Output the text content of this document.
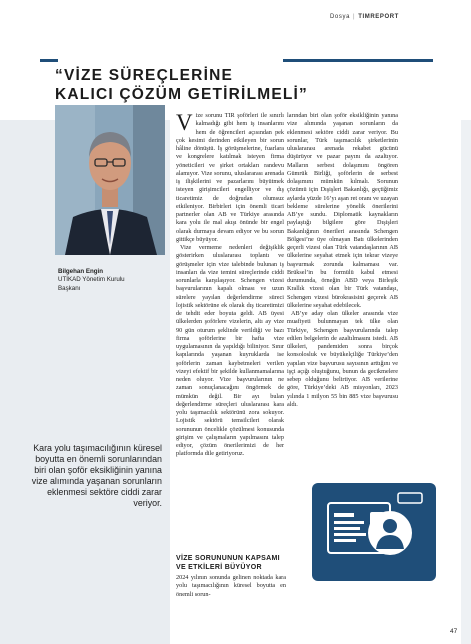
Dosya | TIMREPORT
“VİZE SÜREÇLERİNE
KALICI ÇÖZÜM GETİRİLMELİ”
Bilgehan Engin
UTİKAD Yönetim Kurulu
Başkanı
Kara yolu taşımacılığının küresel boyutta en önemli sorunlarından biri olan şoför eksikliğinin yanına vize alımında yaşanan sorunların eklenmesi sektöre ciddi zarar veriyor.

Vize sorunu TIR şoförleri ile sınırlı kalmadığı gibi hem iş insanlarını hem de öğrencileri açısından pek çok kesimi derinden etkileyen bir sorun hâline dönüştü. İş görüşmelerine, fuarlara ve kongrelere katılmak isteyen firma yöneticileri ve şirket ortakları randevu alamıyor. Vize sorunu, uluslararası arenada iş ilişkilerini ve pazarlarını büyütmek isteyen girişimcileri engelliyor ve dış ticaretimiz de doğrudan olumsuz etkileniyor. Birbirleri için önemli ticari partnerler olan AB ve Türkiye arasında kara yolu ile mal akışı önünde bir engel olarak durmaya devam ediyor ve bu sorun gittikçe büyüyor.

Vize vermeme nedenleri değişiklik gösterirken uluslararası toplantı ve görüşmeler için vize talebinde bulunan iş insanları da vize temini süreçlerinde ciddi sorunlarla karşılaşıyor. Schengen vizesi başvurularının kapalı olması ve uzun sürelere yayılan değerlendirme süreci lojistik sektörüne ek olarak dış ticaretimizi de tehdit eder boyuta geldi. AB üyesi ülkelerden şoförlere vizelerin, altı ay vize 90 gün oturum şeklinde verildiği ve bazı firma şoförlerine bir hafta vize uygulamasının da yapıldığı biliniyor. Sınır kapılarında yaşanan kuyruklarda ise şoförlerin zaman kaybetmeleri verilen vizeyi efektif bir şekilde kullanmamalarına neden oluyor. Vize başvurularının ne zaman sonuçlanacağını öngörmek de mümkün değil. Bir ayı bulan değerlendirme süreçleri uluslararası kara yolu taşımacılık sektörünü zora sokuyor. Lojistik sektörü temsilcileri olarak sorununun öncelikle çözülmesi konusunda girişim ve çalışmaların yapılmasını talep ediyor, çözüm önerilerimizi de her platformda dile getiriyoruz.

VİZE SORUNUNUN KAPSAMI VE ETKİLERİ BÜYÜYOR

2024 yılının sonunda gelinen noktada kara yolu taşımacılığının küresel boyutta en önemli sorun-

larından biri olan şoför eksikliğinin yanına vize alımında yaşanan sorunların da eklenmesi sektöre ciddi zarar veriyor. Bu sorunlar, Türk taşımacılık şirketlerinin uluslararası arenada rekabet gücünü düşürüyor ve pazar payını da azaltıyor. Malların serbest dolaşımını öngören Gümrük Birliği, şoförlerin de serbest dolaşımını mümkün kılmalı. Sorunun çözümü için Dışişleri Bakanlığı, geçtiğimiz aylarda yüzde 16’yı aşan ret oranı ve uzayan bekleme sürelerine yönelik önerilerini AB’ye sundu. Diplomatik kaynakların paylaştığı bilgilere göre Dışişleri Bakanlığının önerileri arasında Schengen Bölgesi’ne üye olmayan Batı ülkelerinden geçerli vizesi olan Türk vatandaşlarının AB ülkelerine seyahat etmek için tekrar vizeye başvurmak zorunda kalmaması var. Brüksel’in bu formülü kabul etmesi durumunda, örneğin ABD veya Birleşik Krallık vizesi olan bir Türk vatandaşı, Schengen vizesi bürokrasisini geçerek AB ülkelerine seyahat edebilecek.

AB’ye aday olan ülkeler arasında vize muafiyeti bulunmayan tek ülke olan Türkiye, Schengen başvurularında talep edilen belgelerin de azaltılmasını istedi. AB ülkeleri, pandemiden sonra birçok konsolosluk ve büyükelçiliğe Türkiye’den yapılan vize başvurusu sayısının arttığını ve işçi açığı oluştuğunu, bunun da gecikmelere sebep olduğunu belirtiyor. AB verilerine göre, Türkiye’deki AB misyonları, 2023 yılında 1 milyon 55 bin 885 vize başvurusu aldı.

47
